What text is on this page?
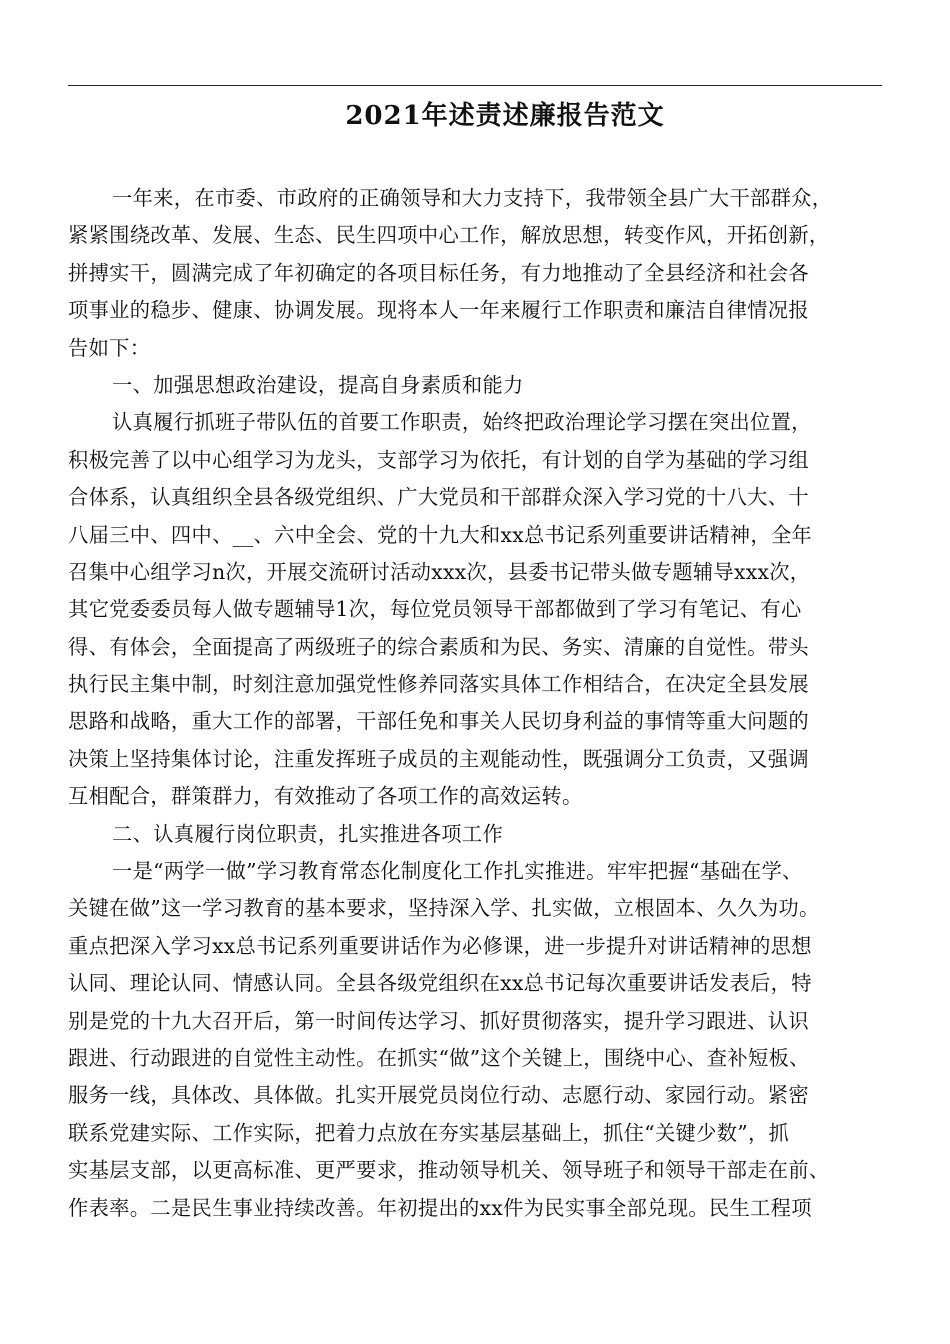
2021年述责述廉报告范文
一年来，在市委、市政府的正确领导和大力支持下，我带领全县广大干部群众，
紧紧围绕改革、发展、生态、民生四项中心工作，解放思想，转变作风，开拓创新，
拼搏实干，圆满完成了年初确定的各项目标任务，有力地推动了全县经济和社会各
项事业的稳步、健康、协调发展。现将本人一年来履行工作职责和廉洁自律情况报
告如下：
一、加强思想政治建设，提高自身素质和能力
认真履行抓班子带队伍的首要工作职责，始终把政治理论学习摆在突出位置，
积极完善了以中心组学习为龙头，支部学习为依托，有计划的自学为基础的学习组
合体系，认真组织全县各级党组织、广大党员和干部群众深入学习党的十八大、十
八届三中、四中、__、六中全会、党的十九大和xx总书记系列重要讲话精神，全年
召集中心组学习n次，开展交流研讨活动xxx次，县委书记带头做专题辅导xxx次，
其它党委委员每人做专题辅导1次，每位党员领导干部都做到了学习有笔记、有心
得、有体会，全面提高了两级班子的综合素质和为民、务实、清廉的自觉性。带头
执行民主集中制，时刻注意加强党性修养同落实具体工作相结合，在决定全县发展
思路和战略，重大工作的部署，干部任免和事关人民切身利益的事情等重大问题的
决策上坚持集体讨论，注重发挥班子成员的主观能动性，既强调分工负责，又强调
互相配合，群策群力，有效推动了各项工作的高效运转。
二、认真履行岗位职责，扎实推进各项工作
一是“两学一做”学习教育常态化制度化工作扎实推进。牢牢把握“基础在学、
关键在做”这一学习教育的基本要求，坚持深入学、扎实做，立根固本、久久为功。
重点把深入学习xx总书记系列重要讲话作为必修课，进一步提升对讲话精神的思想
认同、理论认同、情感认同。全县各级党组织在xx总书记每次重要讲话发表后，特
别是党的十九大召开后，第一时间传达学习、抓好贯彻落实，提升学习跟进、认识
跟进、行动跟进的自觉性主动性。在抓实“做”这个关键上，围绕中心、查补短板、
服务一线，具体改、具体做。扎实开展党员岗位行动、志愿行动、家园行动。紧密
联系党建实际、工作实际，把着力点放在夯实基层基础上，抓住“关键少数”，抓
实基层支部，以更高标准、更严要求，推动领导机关、领导班子和领导干部走在前、
作表率。二是民生事业持续改善。年初提出的xx件为民实事全部兑现。民生工程项
